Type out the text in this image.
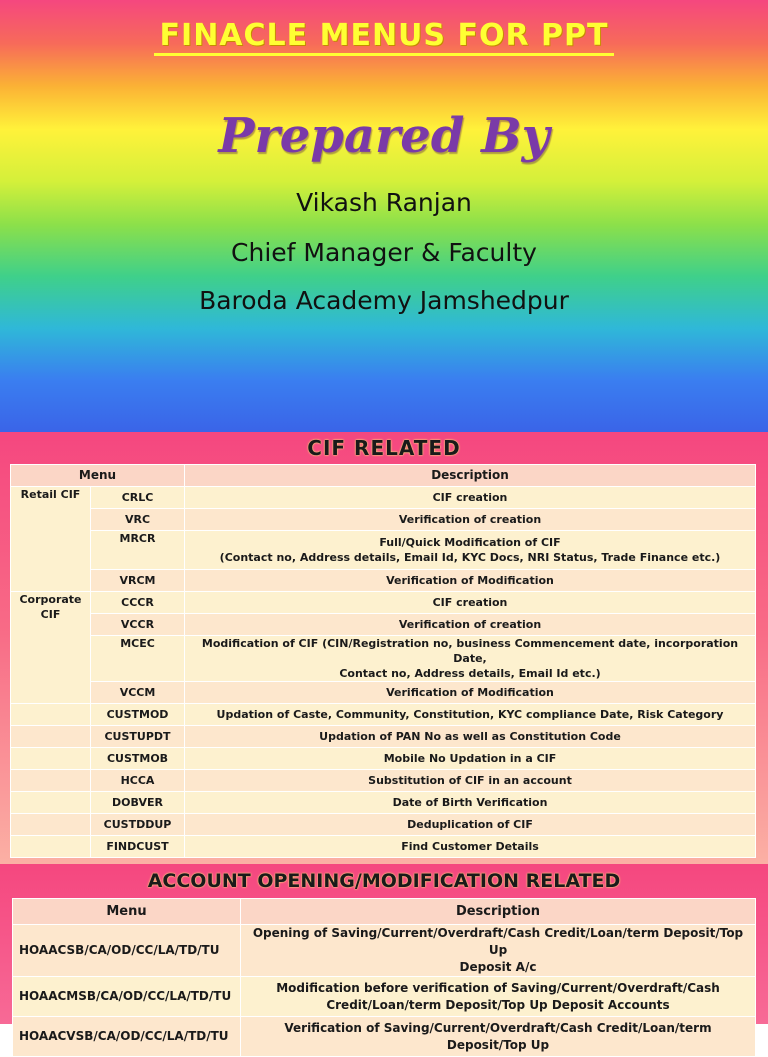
FINACLE MENUS FOR PPT
Prepared By
Vikash Ranjan
Chief Manager & Faculty
Baroda Academy Jamshedpur
CIF RELATED
Menu		Description
Retail CIF	CRLC	CIF creation
	VRC	Verification of creation
	MRCR	Full/Quick Modification of CIF
(Contact no, Address details, Email Id, KYC Docs, NRI Status, Trade Finance etc.)

	VRCM	Verification of Modification
Corporate CIF	CCCR	CIF creation
	VCCR	Verification of creation
	MCEC	Modification of CIF (CIN/Registration no, business Commencement date, incorporation Date,
Contact no, Address details, Email Id etc.)

	VCCM	Verification of Modification
	CUSTMOD	Updation of Caste, Community, Constitution, KYC compliance Date, Risk Category
	CUSTUPDT	Updation of PAN No as well as Constitution Code
	CUSTMOB	Mobile No Updation in a CIF
	HCCA	Substitution of CIF in an account
	DOBVER	Date of Birth Verification
	CUSTDDUP	Deduplication of CIF
	FINDCUST	Find Customer Details
ACCOUNT OPENING/MODIFICATION RELATED
Menu	Description
HOAACSB/CA/OD/CC/LA/TD/TU	Opening of Saving/Current/Overdraft/Cash Credit/Loan/term Deposit/Top Up
Deposit A/c

HOAACMSB/CA/OD/CC/LA/TD/TU	Modification before verification of Saving/Current/Overdraft/Cash
Credit/Loan/term Deposit/Top Up Deposit Accounts

HOAACVSB/CA/OD/CC/LA/TD/TU	Verification of Saving/Current/Overdraft/Cash Credit/Loan/term Deposit/Top Up
